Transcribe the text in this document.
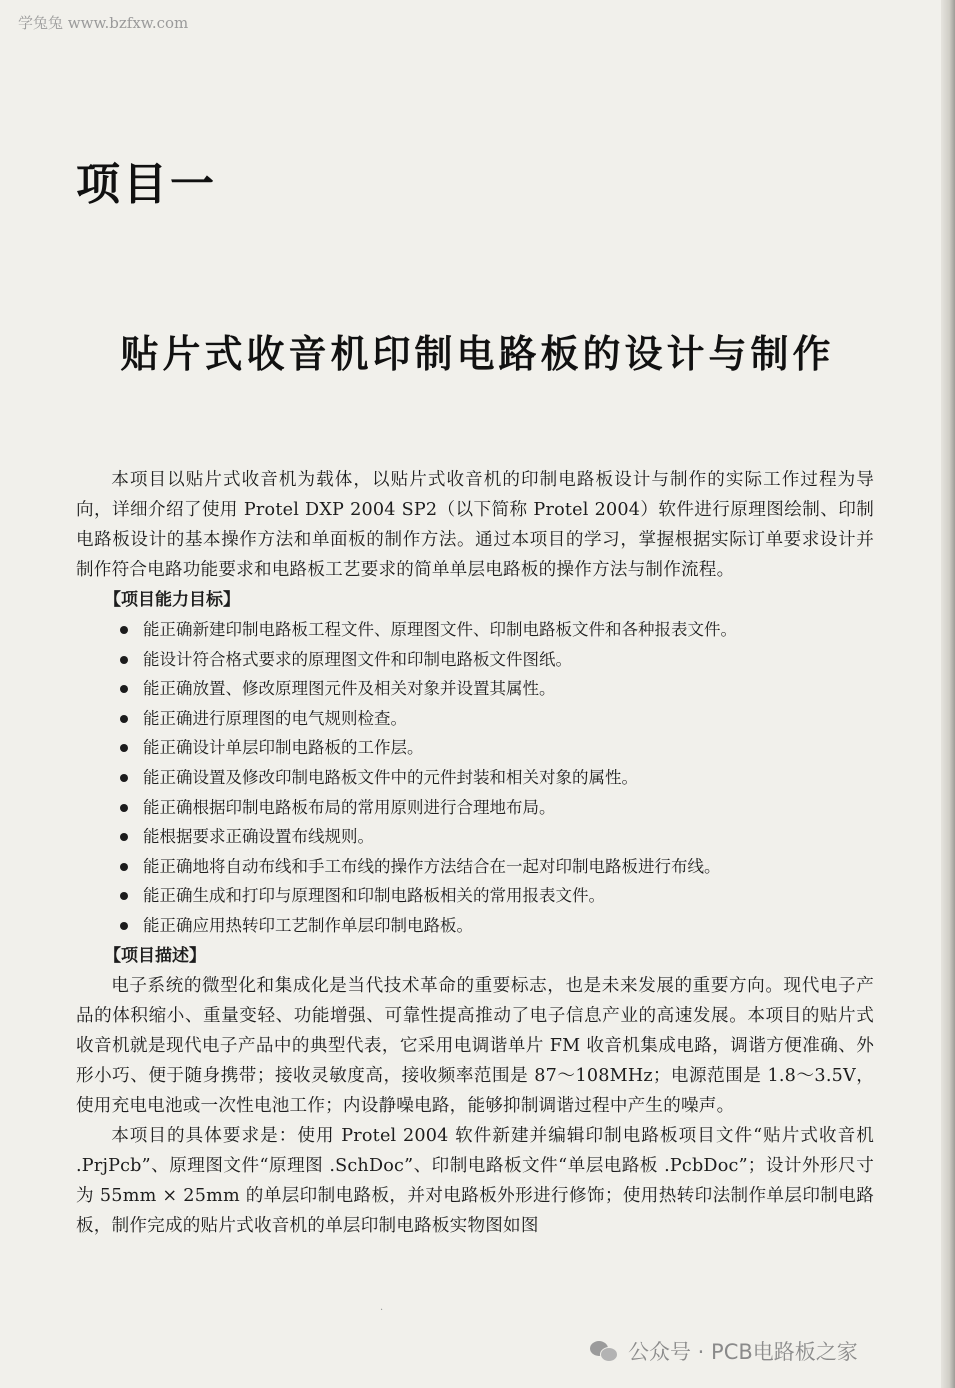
学兔兔 www.bzfxw.com
项目一
贴片式收音机印制电路板的设计与制作

本项目以贴片式收音机为载体，以贴片式收音机的印制电路板设计与制作的实际工作过程为导向，详细介绍了使用 Protel DXP 2004 SP2（以下简称 Protel 2004）软件进行原理图绘制、印制电路板设计的基本操作方法和单面板的制作方法。通过本项目的学习，掌握根据实际订单要求设计并制作符合电路功能要求和电路板工艺要求的简单单层电路板的操作方法与制作流程。

【项目能力目标】
能正确新建印制电路板工程文件、原理图文件、印制电路板文件和各种报表文件。
能设计符合格式要求的原理图文件和印制电路板文件图纸。
能正确放置、修改原理图元件及相关对象并设置其属性。
能正确进行原理图的电气规则检查。
能正确设计单层印制电路板的工作层。
能正确设置及修改印制电路板文件中的元件封装和相关对象的属性。
能正确根据印制电路板布局的常用原则进行合理地布局。
能根据要求正确设置布线规则。
能正确地将自动布线和手工布线的操作方法结合在一起对印制电路板进行布线。
能正确生成和打印与原理图和印制电路板相关的常用报表文件。
能正确应用热转印工艺制作单层印制电路板。
【项目描述】

电子系统的微型化和集成化是当代技术革命的重要标志，也是未来发展的重要方向。现代电子产品的体积缩小、重量变轻、功能增强、可靠性提高推动了电子信息产业的高速发展。本项目的贴片式收音机就是现代电子产品中的典型代表，它采用电调谐单片 FM 收音机集成电路，调谐方便准确、外形小巧、便于随身携带；接收灵敏度高，接收频率范围是 87～108MHz；电源范围是 1.8～3.5V，使用充电电池或一次性电池工作；内设静噪电路，能够抑制调谐过程中产生的噪声。

本项目的具体要求是：使用 Protel 2004 软件新建并编辑印制电路板项目文件“贴片式收音机 .PrjPcb”、原理图文件“原理图 .SchDoc”、印制电路板文件“单层电路板 .PcbDoc”；设计外形尺寸为 55mm × 25mm 的单层印制电路板，并对电路板外形进行修饰；使用热转印法制作单层印制电路板，制作完成的贴片式收音机的单层印制电路板实物图如图

·
公众号 · PCB电路板之家
